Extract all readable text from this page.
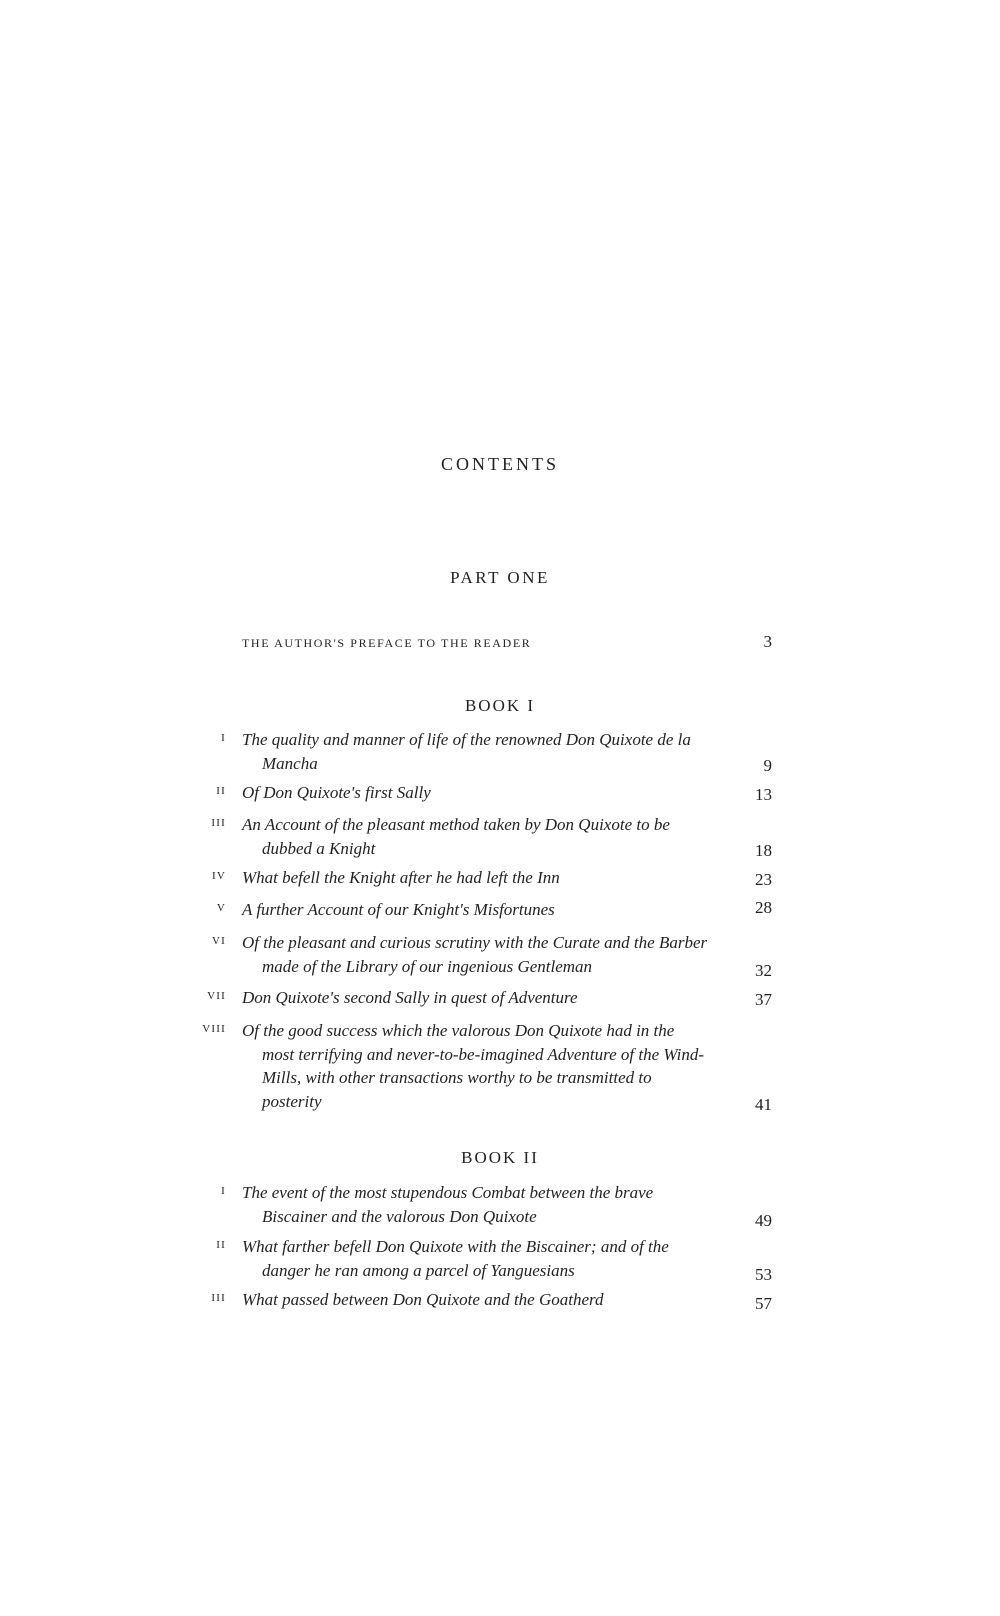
CONTENTS
PART ONE
THE AUTHOR'S PREFACE TO THE READER	3
BOOK I
I The quality and manner of life of the renowned Don Quixote de la Mancha	9
II Of Don Quixote's first Sally	13
III An Account of the pleasant method taken by Don Quixote to be dubbed a Knight	18
IV What befell the Knight after he had left the Inn	23
V A further Account of our Knight's Misfortunes	28
VI Of the pleasant and curious scrutiny with the Curate and the Barber made of the Library of our ingenious Gentleman	32
VII Don Quixote's second Sally in quest of Adventure	37
VIII Of the good success which the valorous Don Quixote had in the most terrifying and never-to-be-imagined Adventure of the Wind-Mills, with other transactions worthy to be transmitted to posterity	41
BOOK II
I The event of the most stupendous Combat between the brave Biscainer and the valorous Don Quixote	49
II What farther befell Don Quixote with the Biscainer; and of the danger he ran among a parcel of Yanguesians	53
III What passed between Don Quixote and the Goatherd	57
